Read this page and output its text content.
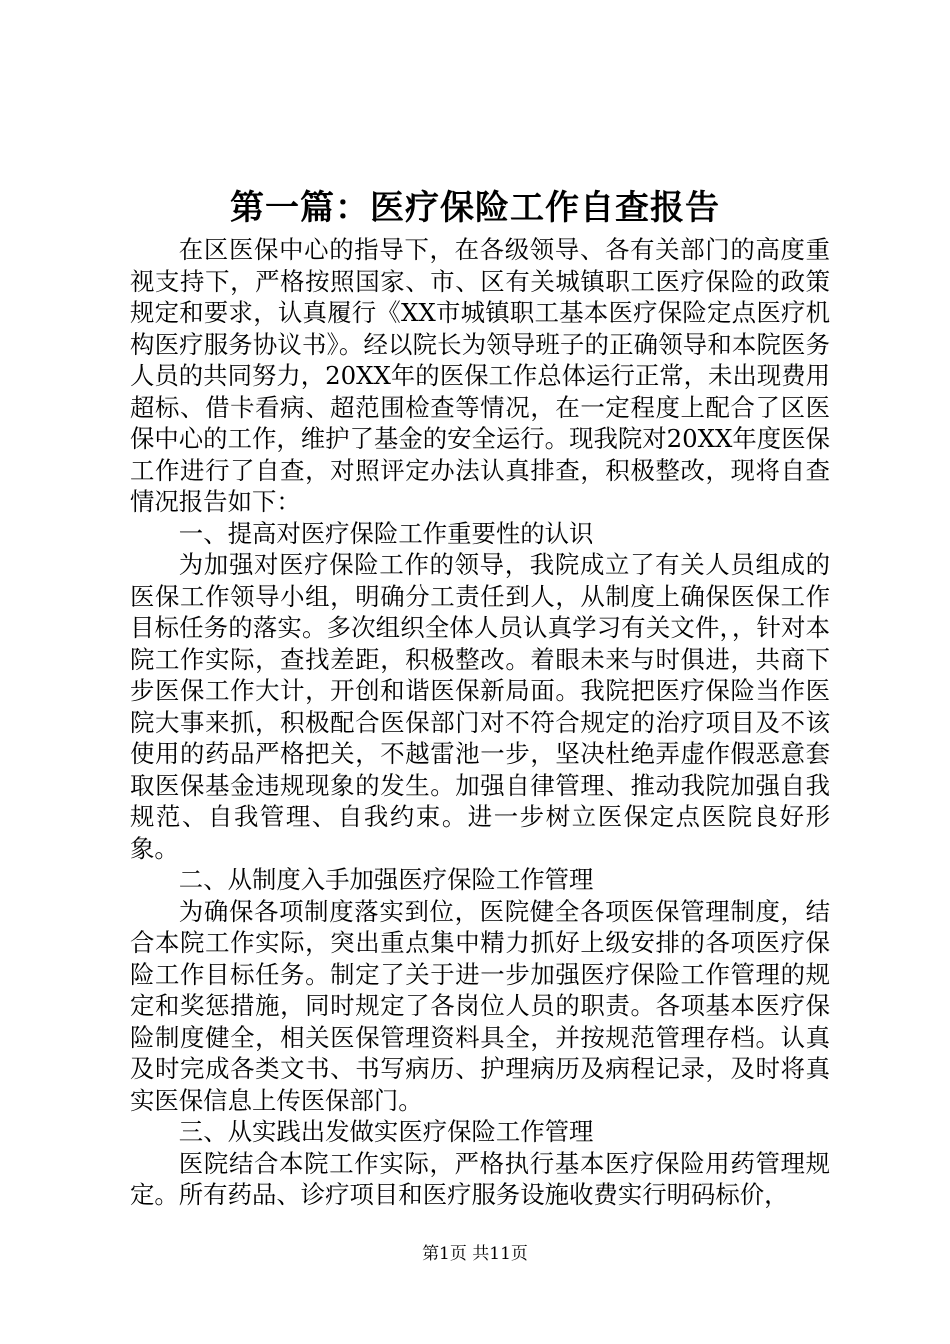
第一篇：医疗保险工作自查报告

在区医保中心的指导下，在各级领导、各有关部门的高度重视支持下，严格按照国家、市、区有关城镇职工医疗保险的政策规定和要求，认真履行《XX市城镇职工基本医疗保险定点医疗机构医疗服务协议书》。经以院长为领导班子的正确领导和本院医务人员的共同努力，20XX年的医保工作总体运行正常，未出现费用超标、借卡看病、超范围检查等情况，在一定程度上配合了区医保中心的工作，维护了基金的安全运行。现我院对20XX年度医保工作进行了自查，对照评定办法认真排查，积极整改，现将自查情况报告如下：

一、提高对医疗保险工作重要性的认识

为加强对医疗保险工作的领导，我院成立了有关人员组成的医保工作领导小组，明确分工责任到人，从制度上确保医保工作目标任务的落实。多次组织全体人员认真学习有关文件，，针对本院工作实际，查找差距，积极整改。着眼未来与时俱进，共商下步医保工作大计，开创和谐医保新局面。我院把医疗保险当作医院大事来抓，积极配合医保部门对不符合规定的治疗项目及不该使用的药品严格把关，不越雷池一步，坚决杜绝弄虚作假恶意套取医保基金违规现象的发生。加强自律管理、推动我院加强自我规范、自我管理、自我约束。进一步树立医保定点医院良好形象。

二、从制度入手加强医疗保险工作管理

为确保各项制度落实到位，医院健全各项医保管理制度，结合本院工作实际，突出重点集中精力抓好上级安排的各项医疗保险工作目标任务。制定了关于进一步加强医疗保险工作管理的规定和奖惩措施，同时规定了各岗位人员的职责。各项基本医疗保险制度健全，相关医保管理资料具全，并按规范管理存档。认真及时完成各类文书、书写病历、护理病历及病程记录，及时将真实医保信息上传医保部门。

三、从实践出发做实医疗保险工作管理

医院结合本院工作实际，严格执行基本医疗保险用药管理规定。所有药品、诊疗项目和医疗服务设施收费实行明码标价，

第1页 共11页
